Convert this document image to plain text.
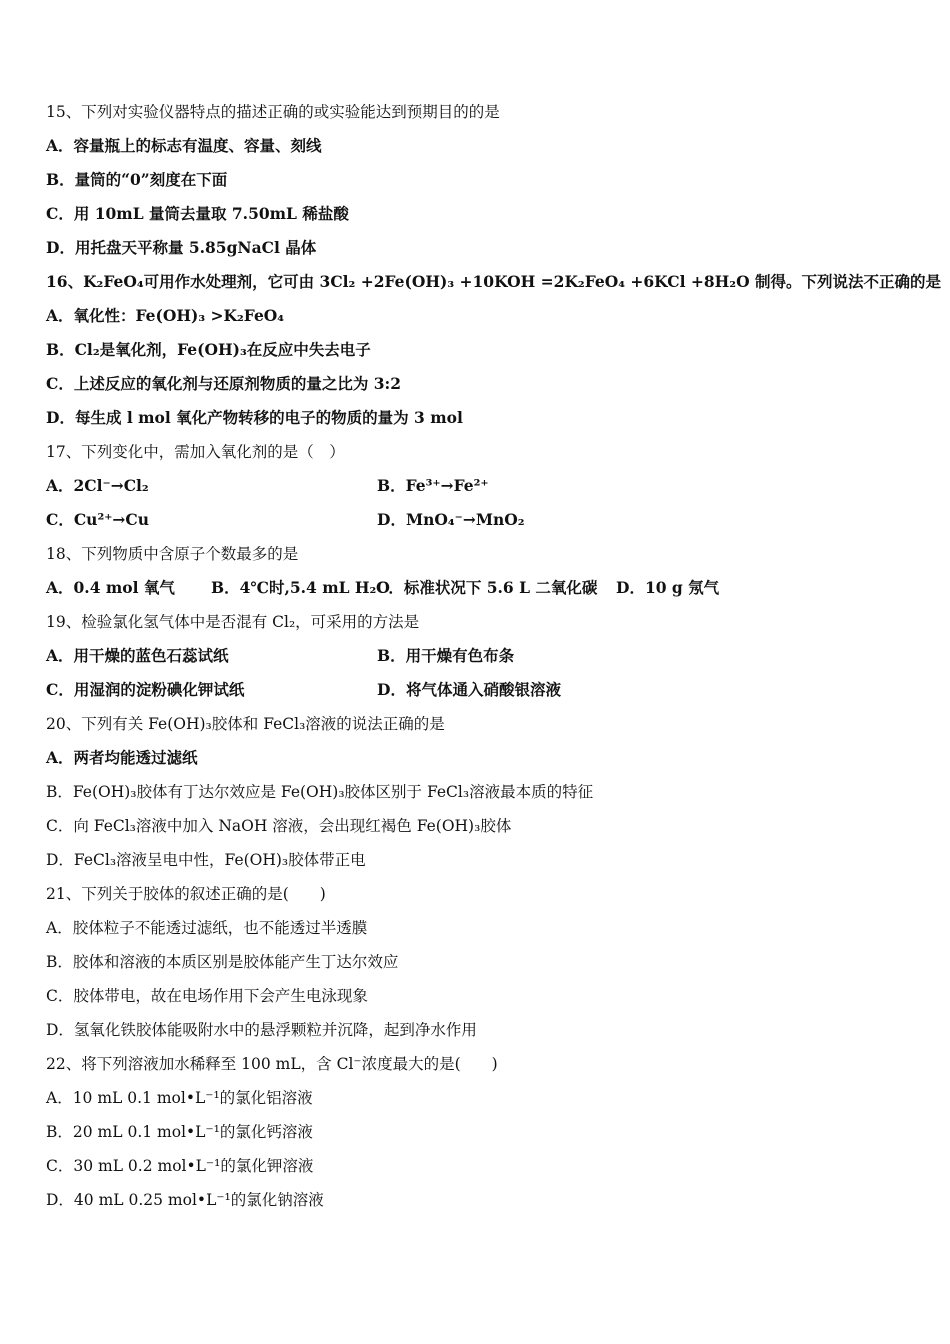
15、下列对实验仪器特点的描述正确的或实验能达到预期目的的是
A．容量瓶上的标志有温度、容量、刻线
B．量筒的“0”刻度在下面
C．用 10mL 量筒去量取 7.50mL 稀盐酸
D．用托盘天平称量 5.85gNaCl 晶体
16、K₂FeO₄可用作水处理剂，它可由 3Cl₂ +2Fe(OH)₃ +10KOH =2K₂FeO₄ +6KCl +8H₂O 制得。下列说法不正确的是
A．氧化性：Fe(OH)₃ >K₂FeO₄
B．Cl₂是氧化剂，Fe(OH)₃在反应中失去电子
C．上述反应的氧化剂与还原剂物质的量之比为 3:2
D．每生成 l mol 氧化产物转移的电子的物质的量为 3 mol
17、下列变化中，需加入氧化剂的是（　）
A．2Cl⁻→Cl₂	B．Fe³⁺→Fe²⁺
C．Cu²⁺→Cu	D．MnO₄⁻→MnO₂
18、下列物质中含原子个数最多的是
A．0.4 mol 氧气	B．4℃时,5.4 mL H₂O
C．标准状况下 5.6 L 二氧化碳	D．10 g 氖气
19、检验氯化氢气体中是否混有 Cl₂，可采用的方法是
A．用干燥的蓝色石蕊试纸	B．用干燥有色布条
C．用湿润的淀粉碘化钾试纸	D．将气体通入硝酸银溶液
20、下列有关 Fe(OH)₃胶体和 FeCl₃溶液的说法正确的是
A．两者均能透过滤纸
B．Fe(OH)₃胶体有丁达尔效应是 Fe(OH)₃胶体区别于 FeCl₃溶液最本质的特征
C．向 FeCl₃溶液中加入 NaOH 溶液，会出现红褐色 Fe(OH)₃胶体
D．FeCl₃溶液呈电中性，Fe(OH)₃胶体带正电
21、下列关于胶体的叙述正确的是(　　)
A．胶体粒子不能透过滤纸，也不能透过半透膜
B．胶体和溶液的本质区别是胶体能产生丁达尔效应
C．胶体带电，故在电场作用下会产生电泳现象
D．氢氧化铁胶体能吸附水中的悬浮颗粒并沉降，起到净水作用
22、将下列溶液加水稀释至 100 mL，含 Cl⁻浓度最大的是(　　)
A．10 mL 0.1 mol•L⁻¹的氯化铝溶液
B．20 mL 0.1 mol•L⁻¹的氯化钙溶液
C．30 mL 0.2 mol•L⁻¹的氯化钾溶液
D．40 mL 0.25 mol•L⁻¹的氯化钠溶液
